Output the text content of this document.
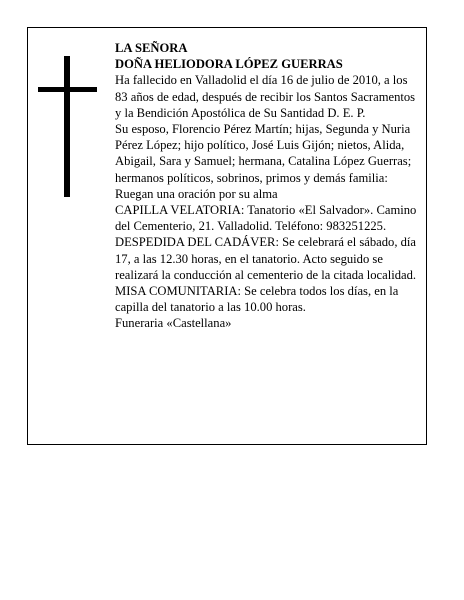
LA SEÑORA

DOÑA HELIODORA LÓPEZ GUERRAS

Ha fallecido en Valladolid el día 16 de julio de 2010, a los 83 años de edad, después de recibir los Santos Sacramentos y la Bendición Apostólica de Su Santidad D. E. P.

Su esposo, Florencio Pérez Martín; hijas, Segunda y Nuria Pérez López; hijo político, José Luis Gijón; nietos, Alida, Abigail, Sara y Samuel; hermana, Catalina López Guerras; hermanos políticos, sobrinos, primos y demás familia:

Ruegan una oración por su alma

CAPILLA VELATORIA: Tanatorio «El Salvador». Camino del Cementerio, 21. Valladolid. Teléfono: 983251225. DESPEDIDA DEL CADÁVER: Se celebrará el sábado, día 17, a las 12.30 horas, en el tanatorio. Acto seguido se realizará la conducción al cementerio de la citada localidad. MISA COMUNITARIA: Se celebra todos los días, en la capilla del tanatorio a las 10.00 horas.

Funeraria «Castellana»
